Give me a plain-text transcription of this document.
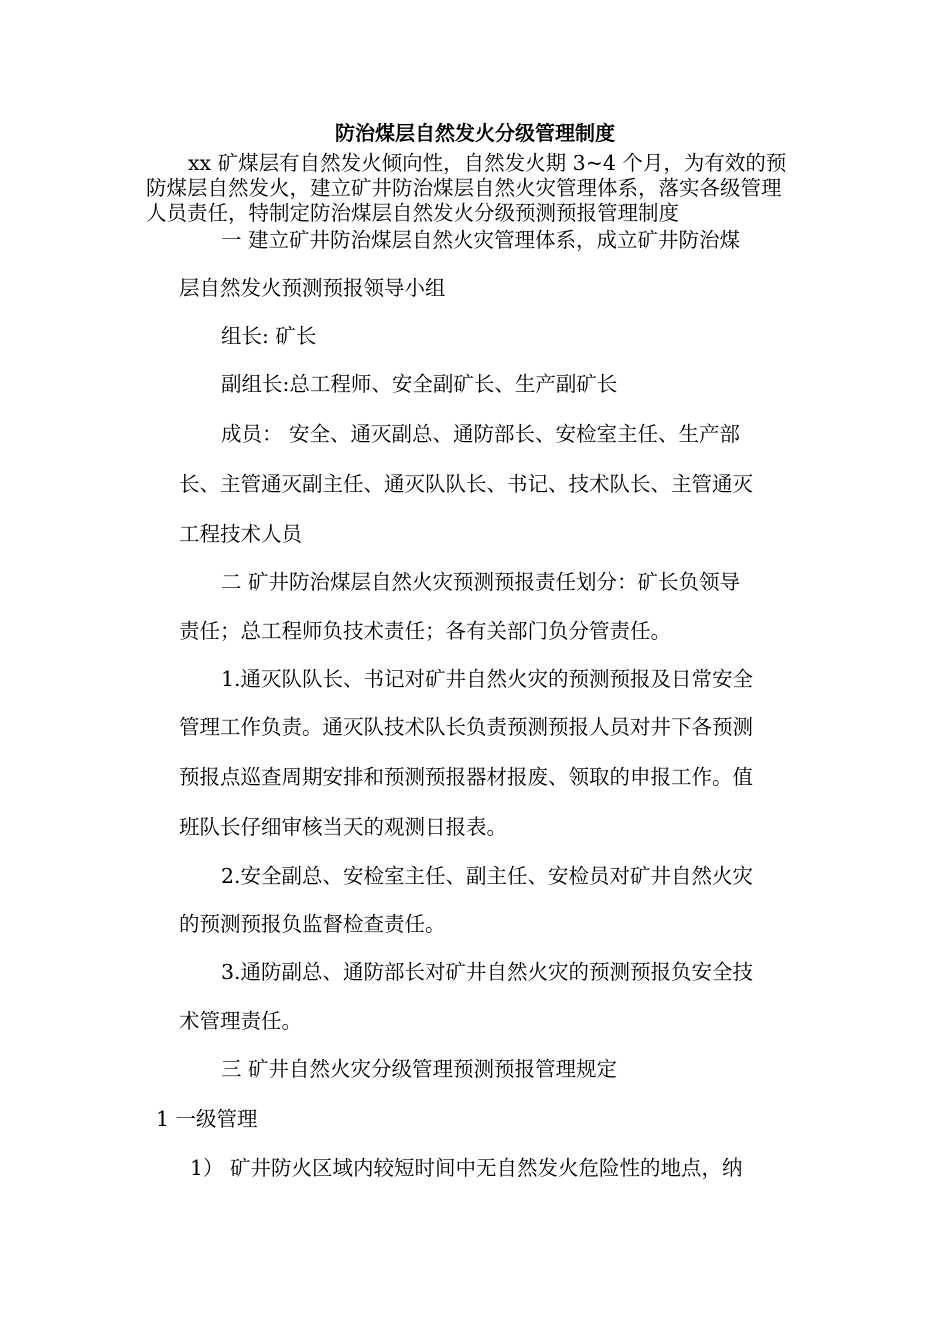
防治煤层自然发火分级管理制度
xx 矿煤层有自然发火倾向性，自然发火期 3~4 个月，为有效的预
防煤层自然发火，建立矿井防治煤层自然火灾管理体系，落实各级管理
人员责任，特制定防治煤层自然发火分级预测预报管理制度
一 建立矿井防治煤层自然火灾管理体系，成立矿井防治煤
层自然发火预测预报领导小组
组长: 矿长
副组长:总工程师、安全副矿长、生产副矿长
成员： 安全、通灭副总、通防部长、安检室主任、生产部
长、主管通灭副主任、通灭队队长、书记、技术队长、主管通灭
工程技术人员
二 矿井防治煤层自然火灾预测预报责任划分：矿长负领导
责任；总工程师负技术责任；各有关部门负分管责任。
1.通灭队队长、书记对矿井自然火灾的预测预报及日常安全
管理工作负责。通灭队技术队长负责预测预报人员对井下各预测
预报点巡查周期安排和预测预报器材报废、领取的申报工作。值
班队长仔细审核当天的观测日报表。
2.安全副总、安检室主任、副主任、安检员对矿井自然火灾
的预测预报负监督检查责任。
3.通防副总、通防部长对矿井自然火灾的预测预报负安全技
术管理责任。
三 矿井自然火灾分级管理预测预报管理规定
1 一级管理
1） 矿井防火区域内较短时间中无自然发火危险性的地点，纳
